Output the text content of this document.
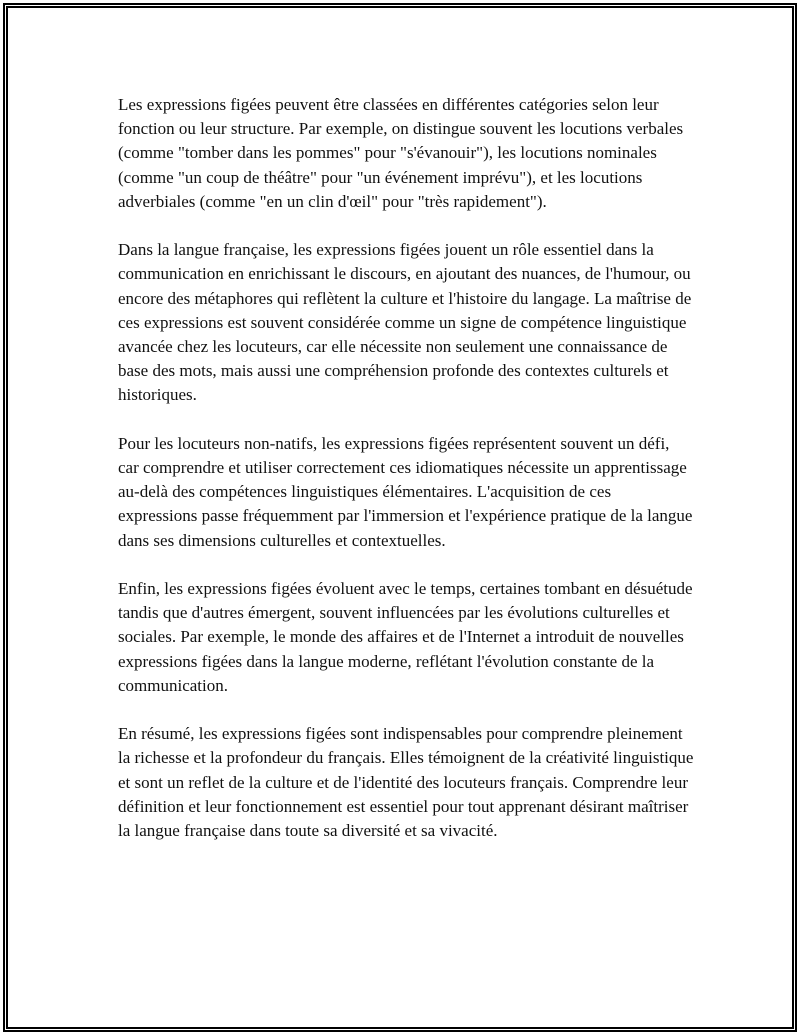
Les expressions figées peuvent être classées en différentes catégories selon leur fonction ou leur structure. Par exemple, on distingue souvent les locutions verbales (comme "tomber dans les pommes" pour "s'évanouir"), les locutions nominales (comme "un coup de théâtre" pour "un événement imprévu"), et les locutions adverbiales (comme "en un clin d'œil" pour "très rapidement").

Dans la langue française, les expressions figées jouent un rôle essentiel dans la communication en enrichissant le discours, en ajoutant des nuances, de l'humour, ou encore des métaphores qui reflètent la culture et l'histoire du langage. La maîtrise de ces expressions est souvent considérée comme un signe de compétence linguistique avancée chez les locuteurs, car elle nécessite non seulement une connaissance de base des mots, mais aussi une compréhension profonde des contextes culturels et historiques.

Pour les locuteurs non-natifs, les expressions figées représentent souvent un défi, car comprendre et utiliser correctement ces idiomatiques nécessite un apprentissage au-delà des compétences linguistiques élémentaires. L'acquisition de ces expressions passe fréquemment par l'immersion et l'expérience pratique de la langue dans ses dimensions culturelles et contextuelles.

Enfin, les expressions figées évoluent avec le temps, certaines tombant en désuétude tandis que d'autres émergent, souvent influencées par les évolutions culturelles et sociales. Par exemple, le monde des affaires et de l'Internet a introduit de nouvelles expressions figées dans la langue moderne, reflétant l'évolution constante de la communication.

En résumé, les expressions figées sont indispensables pour comprendre pleinement la richesse et la profondeur du français. Elles témoignent de la créativité linguistique et sont un reflet de la culture et de l'identité des locuteurs français. Comprendre leur définition et leur fonctionnement est essentiel pour tout apprenant désirant maîtriser la langue française dans toute sa diversité et sa vivacité.
